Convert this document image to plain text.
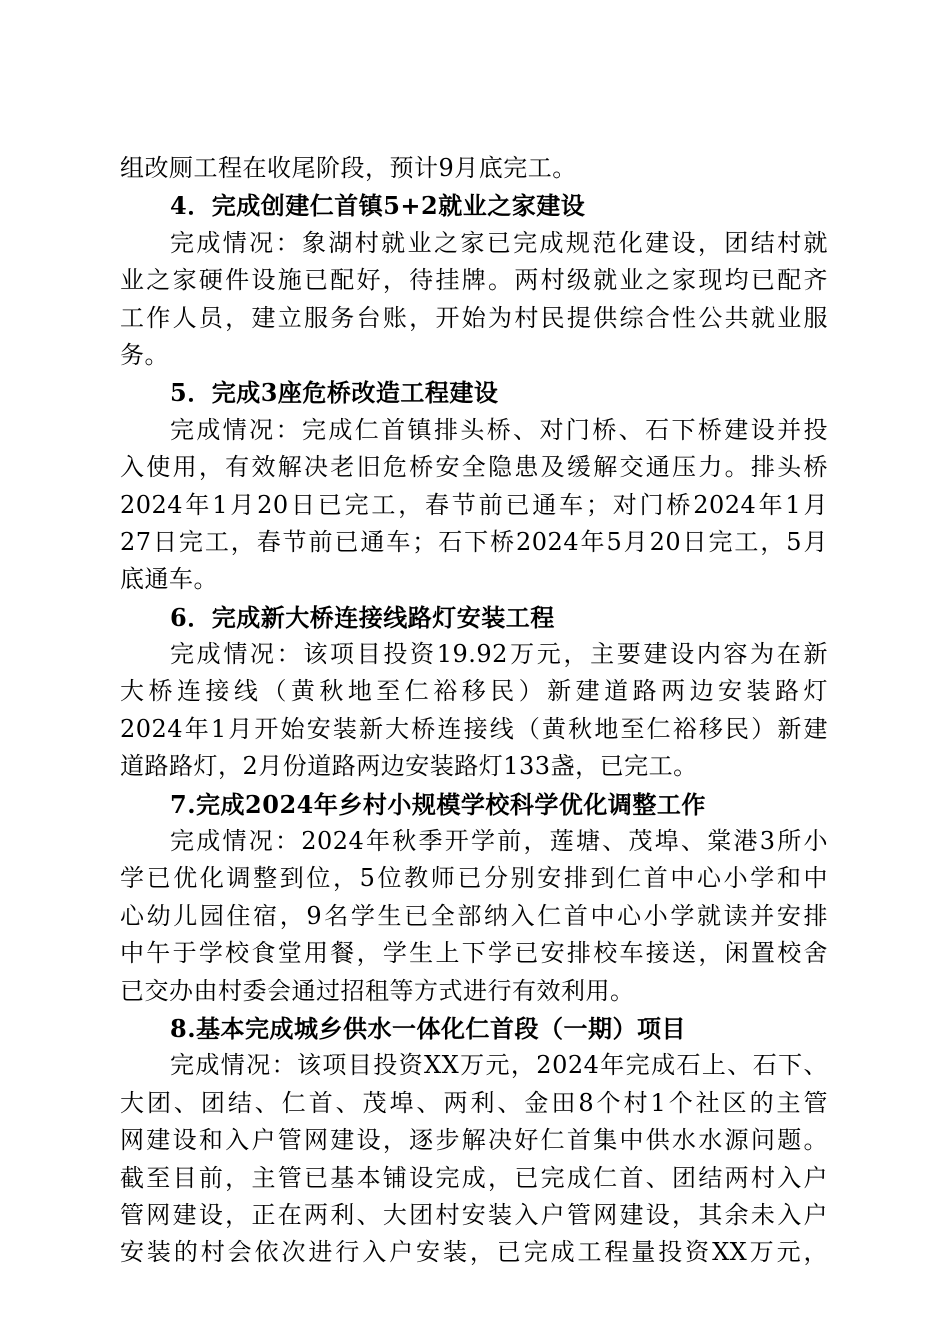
组改厕工程在收尾阶段，预计9月底完工。
4．完成创建仁首镇5+2就业之家建设
完成情况：象湖村就业之家已完成规范化建设，团结村就
业之家硬件设施已配好，待挂牌。两村级就业之家现均已配齐
工作人员，建立服务台账，开始为村民提供综合性公共就业服
务。
5．完成3座危桥改造工程建设
完成情况：完成仁首镇排头桥、对门桥、石下桥建设并投
入使用，有效解决老旧危桥安全隐患及缓解交通压力。排头桥
2024年1月20日已完工，春节前已通车；对门桥2024年1月
27日完工，春节前已通车；石下桥2024年5月20日完工，5月
底通车。
6．完成新大桥连接线路灯安装工程
完成情况：该项目投资19.92万元，主要建设内容为在新
大桥连接线（黄秋地至仁裕移民）新建道路两边安装路灯
2024年1月开始安装新大桥连接线（黄秋地至仁裕移民）新建
道路路灯，2月份道路两边安装路灯133盏，已完工。
7.完成2024年乡村小规模学校科学优化调整工作
完成情况：2024年秋季开学前，莲塘、茂埠、棠港3所小
学已优化调整到位，5位教师已分别安排到仁首中心小学和中
心幼儿园住宿，9名学生已全部纳入仁首中心小学就读并安排
中午于学校食堂用餐，学生上下学已安排校车接送，闲置校舍
已交办由村委会通过招租等方式进行有效利用。
8.基本完成城乡供水一体化仁首段（一期）项目
完成情况：该项目投资XX万元，2024年完成石上、石下、
大团、团结、仁首、茂埠、两利、金田8个村1个社区的主管
网建设和入户管网建设，逐步解决好仁首集中供水水源问题。
截至目前，主管已基本铺设完成，已完成仁首、团结两村入户
管网建设，正在两利、大团村安装入户管网建设，其余未入户
安装的村会依次进行入户安装，已完成工程量投资XX万元，
